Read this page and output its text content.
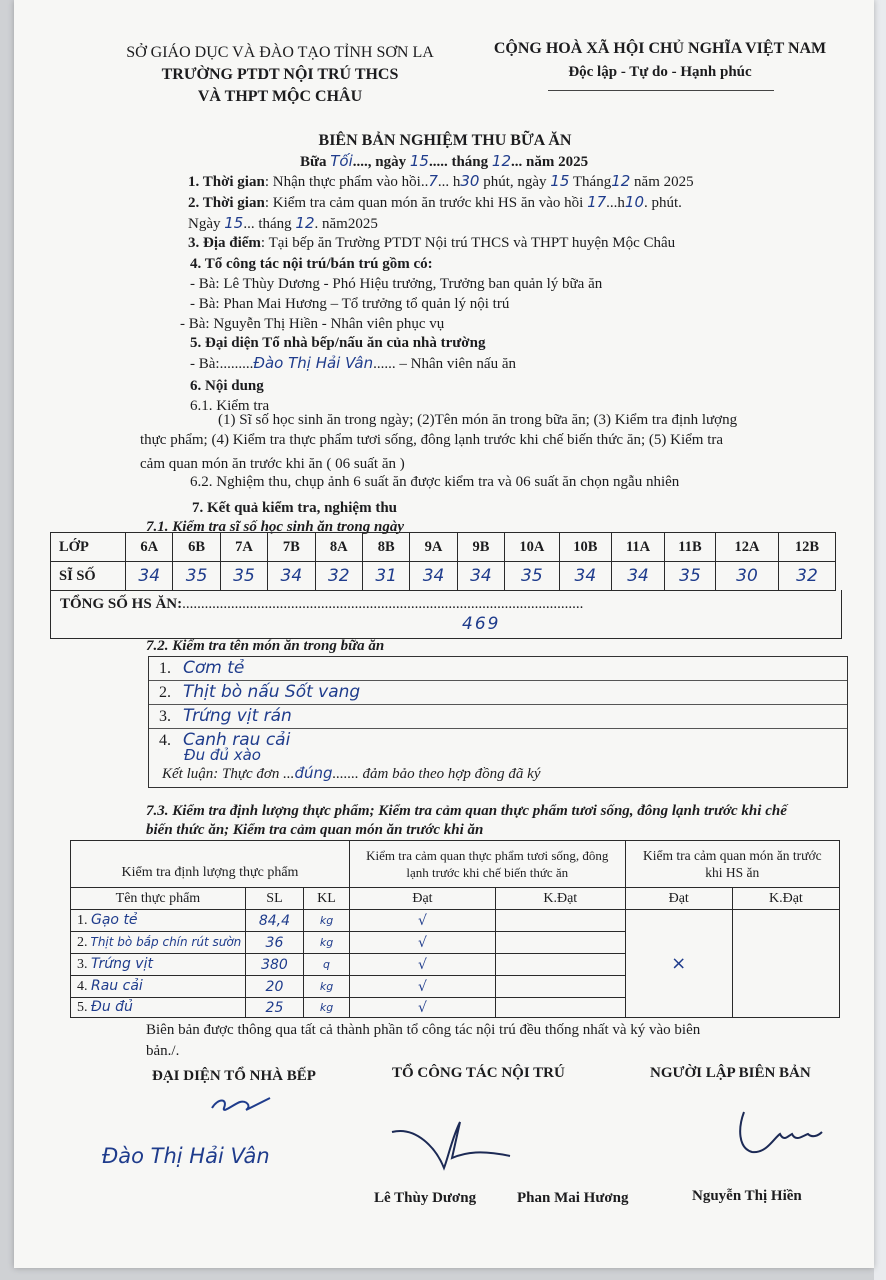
SỞ GIÁO DỤC VÀ ĐÀO TẠO TỈNH SƠN LA
TRƯỜNG PTDT NỘI TRÚ THCS
VÀ THPT MỘC CHÂU
CỘNG HOÀ XÃ HỘI CHỦ NGHĨA VIỆT NAM
Độc lập - Tự do - Hạnh phúc
BIÊN BẢN NGHIỆM THU BỮA ĂN
Bữa Tối...., ngày 15..... tháng 12... năm 2025
1. Thời gian: Nhận thực phẩm vào hồi..7... h30 phút, ngày 15 Tháng12 năm 2025
2. Thời gian: Kiểm tra cảm quan món ăn trước khi HS ăn vào hồi 17...h10. phút.
Ngày 15... tháng 12. năm2025
3. Địa điểm: Tại bếp ăn Trường PTDT Nội trú THCS và THPT huyện Mộc Châu
4. Tổ công tác nội trú/bán trú gồm có:
- Bà: Lê Thùy Dương - Phó Hiệu trưởng, Trưởng ban quản lý bữa ăn
- Bà: Phan Mai Hương – Tổ trưởng tổ quản lý nội trú
- Bà: Nguyễn Thị Hiền - Nhân viên phục vụ
5. Đại diện Tổ nhà bếp/nấu ăn của nhà trường
- Bà:.........Đào Thị Hải Vân...... – Nhân viên nấu ăn
6. Nội dung
6.1. Kiểm tra
(1) Sĩ số học sinh ăn trong ngày; (2)Tên món ăn trong bữa ăn; (3) Kiểm tra định lượng
thực phẩm; (4) Kiểm tra thực phẩm tươi sống, đông lạnh trước khi chế biến thức ăn; (5) Kiểm tra
cảm quan món ăn trước khi ăn ( 06 suất ăn )
6.2. Nghiệm thu, chụp ảnh 6 suất ăn được kiểm tra và 06 suất ăn chọn ngẫu nhiên
7. Kết quả kiểm tra, nghiệm thu
7.1. Kiểm tra sĩ số học sinh ăn trong ngày
LỚP	6A	6B	7A	7B	8A	8B	9A	9B	10A	10B	11A	11B	12A	12B
SĨ SỐ	34	35	35	34	32	31	34	34	35	34	34	35	30	32
TỔNG SỐ HS ĂN:...........................................................................................................
469
7.2. Kiểm tra tên món ăn trong bữa ăn
1. Cơm tẻ
2. Thịt bò nấu Sốt vang
3. Trứng vịt rán
4. Canh rau cải
Đu đủ xào
Kết luận: Thực đơn ...đúng....... đảm bảo theo hợp đồng đã ký
7.3. Kiểm tra định lượng thực phẩm; Kiểm tra cảm quan thực phẩm tươi sống, đông lạnh trước khi chế
biến thức ăn; Kiểm tra cảm quan món ăn trước khi ăn
Kiểm tra định lượng thực phẩm			Kiểm tra cảm quan thực phẩm tươi sống, đông lạnh trước khi chế biến thức ăn		Kiểm tra cảm quan món ăn trước khi HS ăn	
Tên thực phẩm	SL	KL	Đạt	K.Đạt	Đạt	K.Đạt
1. Gạo tẻ	84,4	kg	√		×	
2. Thịt bò bắp chín rút sườn	36	kg	√			
3. Trứng vịt	380	q	√			
4. Rau cải	20	kg	√			
5. Đu đủ	25	kg	√			
Biên bản được thông qua tất cả thành phần tổ công tác nội trú đều thống nhất và ký vào biên
bản./.
ĐẠI DIỆN TỔ NHÀ BẾP	TỔ CÔNG TÁC NỘI TRÚ	NGƯỜI LẬP BIÊN BẢN
Đào Thị Hải Vân
Lê Thùy Dương	Phan Mai Hương	Nguyễn Thị Hiền
